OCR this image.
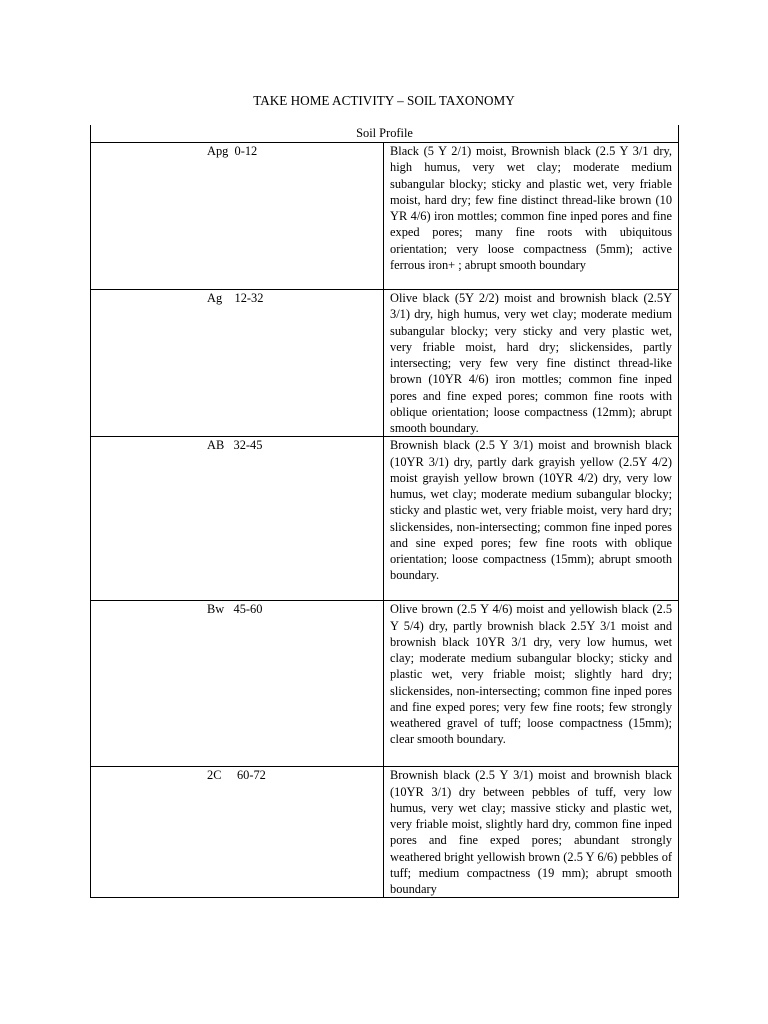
TAKE HOME ACTIVITY – SOIL TAXONOMY
Soil Profile	

Apg  0-12	Black (5 Y 2/1) moist, Brownish black (2.5 Y 3/1 dry, high humus, very wet clay; moderate medium subangular blocky; sticky and plastic wet, very friable moist, hard dry; few fine distinct thread-like brown (10 YR 4/6) iron mottles; common fine inped pores and fine exped pores; many fine roots with ubiquitous orientation; very loose compactness (5mm); active ferrous iron+ ; abrupt smooth boundary

Ag    12-32	Olive black (5Y 2/2) moist and brownish black (2.5Y 3/1) dry, high humus, very wet clay; moderate medium subangular blocky; very sticky and very plastic wet, very friable moist, hard dry; slickensides, partly intersecting; very few very fine distinct thread-like brown (10YR 4/6) iron mottles; common fine inped pores and fine exped pores; common fine roots with oblique orientation; loose compactness (12mm); abrupt smooth boundary.

AB   32-45	Brownish black (2.5 Y 3/1) moist and brownish black (10YR 3/1) dry, partly dark grayish yellow (2.5Y 4/2) moist grayish yellow brown (10YR 4/2) dry, very low humus, wet clay; moderate medium subangular blocky; sticky and plastic wet, very friable moist, very hard dry; slickensides, non-intersecting; common fine inped pores and sine exped pores; few fine roots with oblique orientation; loose compactness (15mm); abrupt smooth boundary.

Bw   45-60	Olive brown (2.5 Y 4/6) moist and yellowish black (2.5 Y 5/4) dry, partly brownish black 2.5Y 3/1 moist and brownish black 10YR 3/1 dry, very low humus, wet clay; moderate medium subangular blocky; sticky and plastic wet, very friable moist; slightly hard dry; slickensides, non-intersecting; common fine inped pores and fine exped pores; very few fine roots; few strongly weathered gravel of tuff; loose compactness (15mm); clear smooth boundary.

2C     60-72	Brownish black (2.5 Y 3/1) moist and brownish black (10YR 3/1) dry between pebbles of tuff, very low humus, very wet clay; massive sticky and plastic wet, very friable moist, slightly hard dry, common fine inped pores and fine exped pores; abundant strongly weathered bright yellowish brown (2.5 Y 6/6) pebbles of tuff; medium compactness (19 mm); abrupt smooth boundary
